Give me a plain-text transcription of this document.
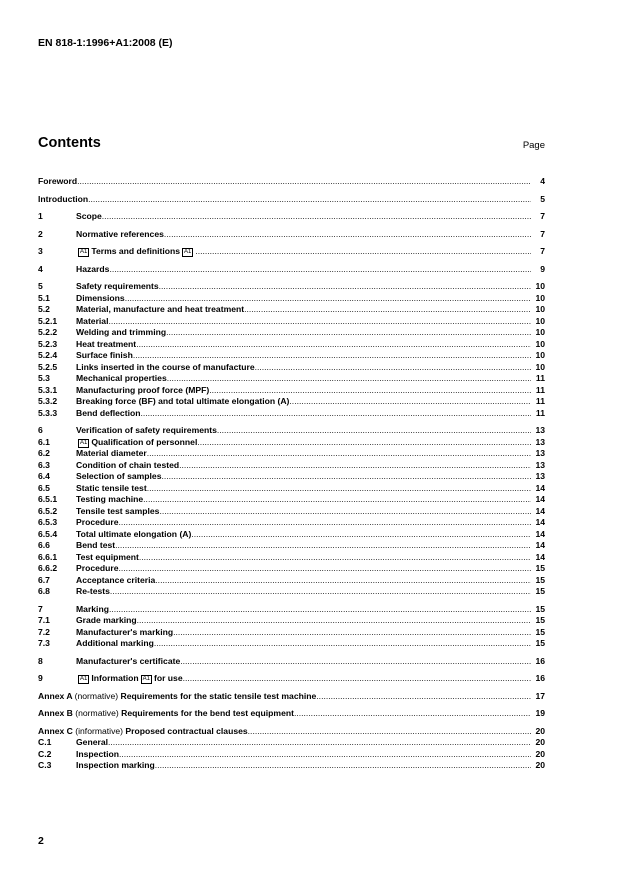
EN 818-1:1996+A1:2008 (E)
Contents	Page
Foreword .....	4
Introduction .....	5
1	Scope .....	7
2	Normative references .....	7
3	A1 Terms and definitions A1 .....	7
4	Hazards .....	9
5	Safety requirements .....	10
5.1	Dimensions .....	10
5.2	Material, manufacture and heat treatment .....	10
5.2.1 Material .....	10
5.2.2 Welding and trimming .....	10
5.2.3 Heat treatment .....	10
5.2.4 Surface finish .....	10
5.2.5 Links inserted in the course of manufacture .....	10
5.3	Mechanical properties .....	11
5.3.1 Manufacturing proof force (MPF) .....	11
5.3.2 Breaking force (BF) and total ultimate elongation (A) .....	11
5.3.3 Bend deflection .....	11
6	Verification of safety requirements .....	13
6.1	A1 Qualification of personnel .....	13
6.2	Material diameter .....	13
6.3	Condition of chain tested .....	13
6.4	Selection of samples .....	13
6.5	Static tensile test .....	14
6.5.1 Testing machine .....	14
6.5.2 Tensile test samples .....	14
6.5.3 Procedure .....	14
6.5.4 Total ultimate elongation (A) .....	14
6.6	Bend test .....	14
6.6.1 Test equipment .....	14
6.6.2 Procedure .....	15
6.7	Acceptance criteria .....	15
6.8	Re-tests .....	15
7	Marking .....	15
7.1	Grade marking .....	15
7.2	Manufacturer's marking .....	15
7.3	Additional marking .....	15
8	Manufacturer's certificate .....	16
9	A1 Information A1 for use .....	16
Annex A (normative) Requirements for the static tensile test machine .....	17
Annex B (normative) Requirements for the bend test equipment .....	19
Annex C (informative) Proposed contractual clauses .....	20
C.1	General .....	20
C.2	Inspection .....	20
C.3	Inspection marking .....	20
2
